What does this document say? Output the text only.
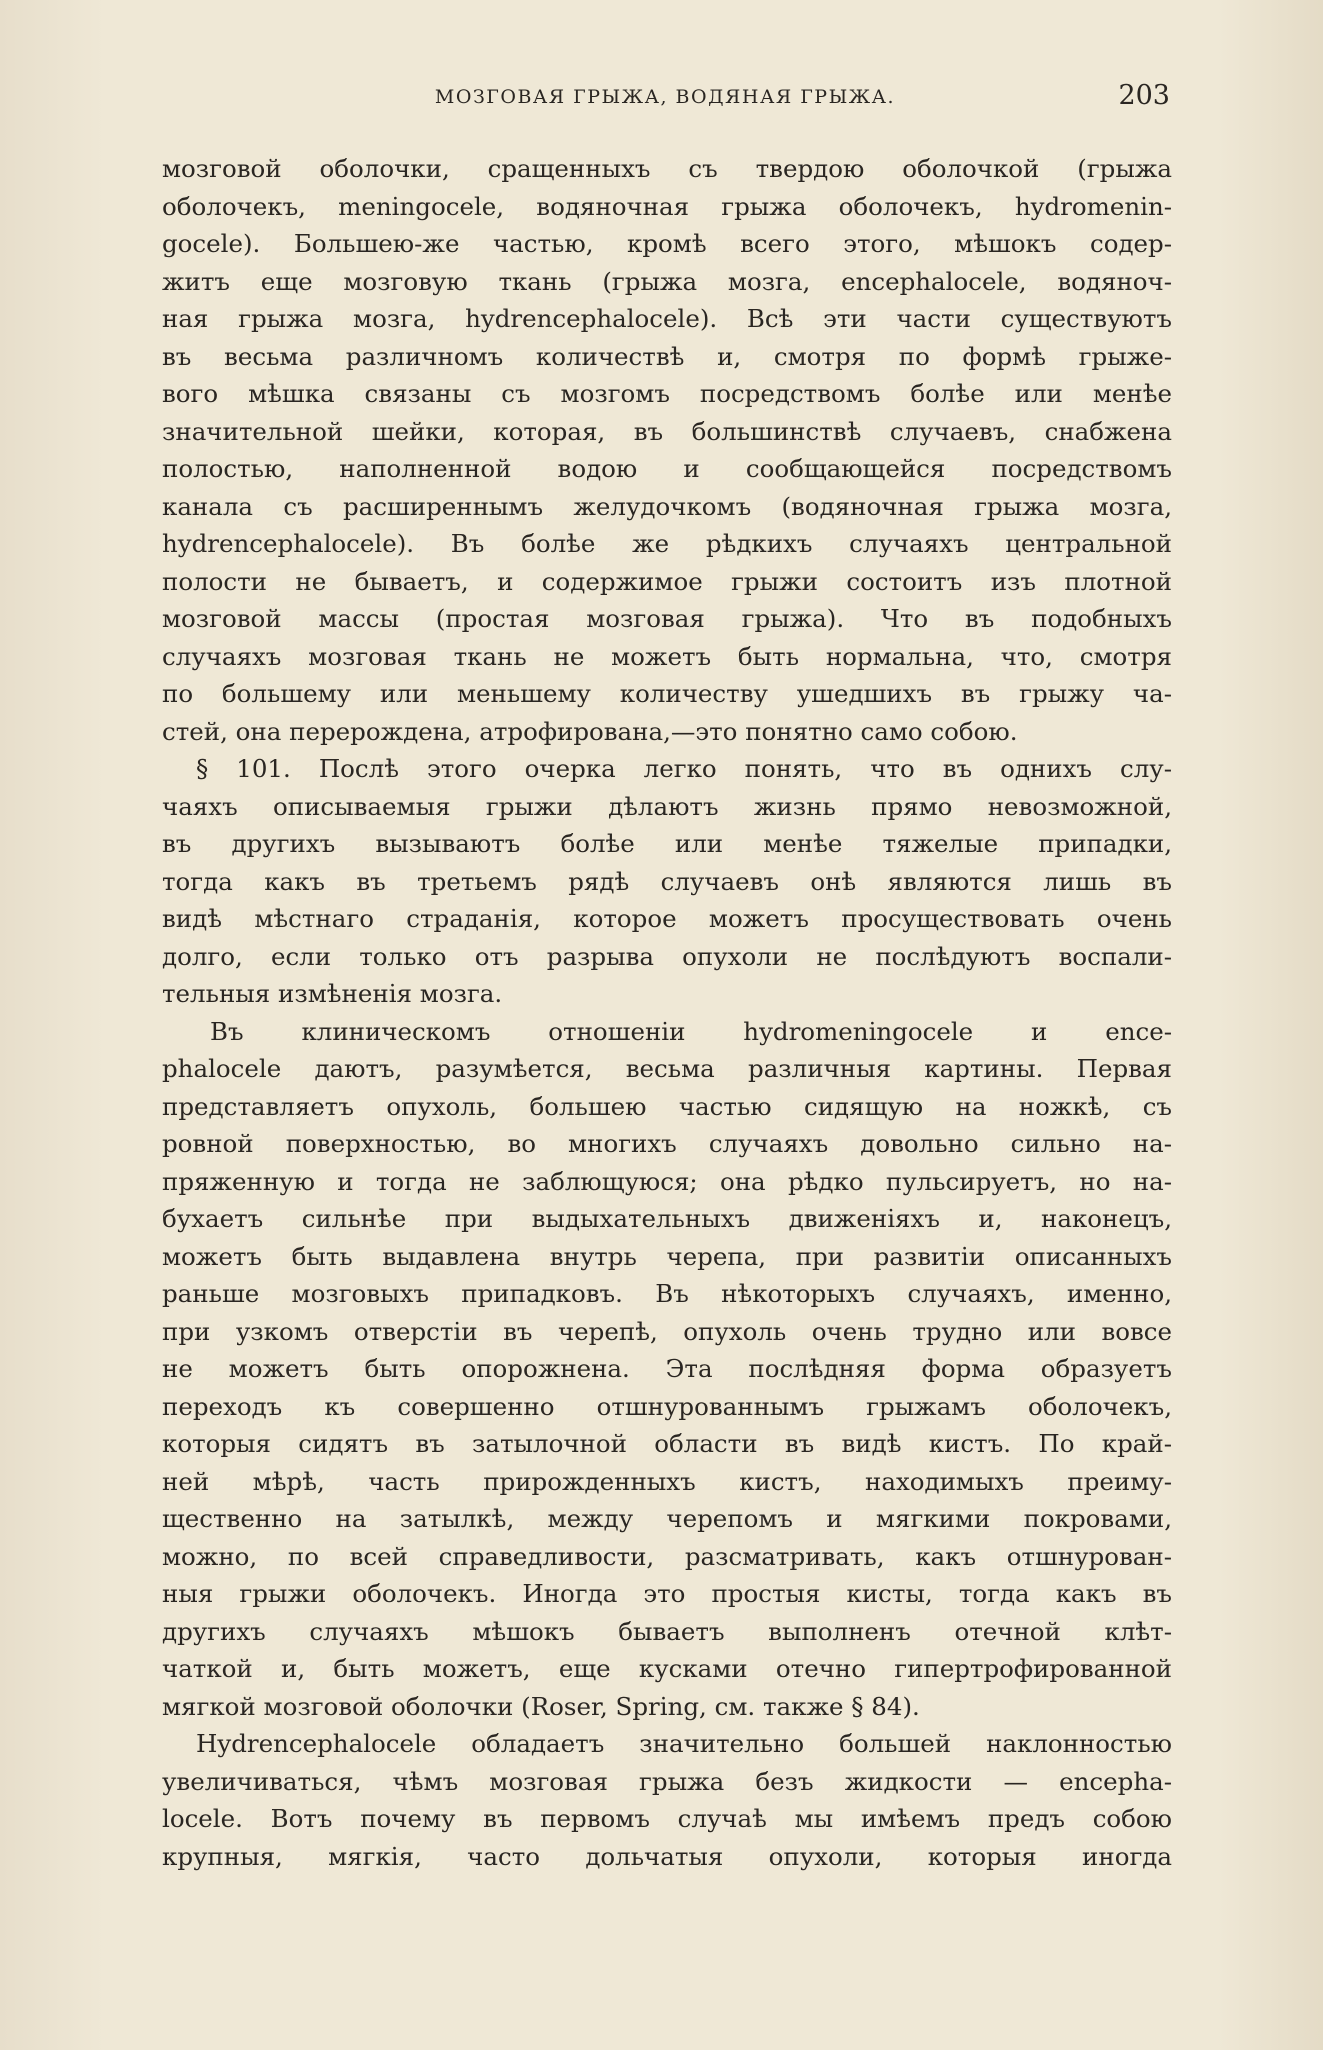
МОЗГОВАЯ ГРЫЖА, ВОДЯНАЯ ГРЫЖА.	203
мозговой оболочки, сращенныхъ съ твердою оболочкой (грыжа
оболочекъ, meningocele, водяночная грыжа оболочекъ, hydromenin-
gocele). Большею-же частью, кромѣ всего этого, мѣшокъ содер-
житъ еще мозговую ткань (грыжа мозга, encephalocele, водяноч-
ная грыжа мозга, hydrencephalocele). Всѣ эти части существуютъ
въ весьма различномъ количествѣ и, смотря по формѣ грыже-
вого мѣшка связаны съ мозгомъ посредствомъ болѣе или менѣе
значительной шейки, которая, въ большинствѣ случаевъ, снабжена
полостью, наполненной водою и сообщающейся посредствомъ
канала съ расширеннымъ желудочкомъ (водяночная грыжа мозга,
hydrencephalocele). Въ болѣе же рѣдкихъ случаяхъ центральной
полости не бываетъ, и содержимое грыжи состоитъ изъ плотной
мозговой массы (простая мозговая грыжа). Что въ подобныхъ
случаяхъ мозговая ткань не можетъ быть нормальна, что, смотря
по большему или меньшему количеству ушедшихъ въ грыжу ча-
стей, она перерождена, атрофирована,—это понятно само собою.
§ 101. Послѣ этого очерка легко понять, что въ однихъ слу-
чаяхъ описываемыя грыжи дѣлаютъ жизнь прямо невозможной,
въ другихъ вызываютъ болѣе или менѣе тяжелые припадки,
тогда какъ въ третьемъ рядѣ случаевъ онѣ являются лишь въ
видѣ мѣстнаго страданія, которое можетъ просуществовать очень
долго, если только отъ разрыва опухоли не послѣдуютъ воспали-
тельныя измѣненія мозга.
Въ клиническомъ отношеніи hydromeningocele и ence-
phalocele даютъ, разумѣется, весьма различныя картины. Первая
представляетъ опухоль, большею частью сидящую на ножкѣ, съ
ровной поверхностью, во многихъ случаяхъ довольно сильно на-
пряженную и тогда не заблющуюся; она рѣдко пульсируетъ, но на-
бухаетъ сильнѣе при выдыхательныхъ движеніяхъ и, наконецъ,
можетъ быть выдавлена внутрь черепа, при развитіи описанныхъ
раньше мозговыхъ припадковъ. Въ нѣкоторыхъ случаяхъ, именно,
при узкомъ отверстіи въ черепѣ, опухоль очень трудно или вовсе
не можетъ быть опорожнена. Эта послѣдняя форма образуетъ
переходъ къ совершенно отшнурованнымъ грыжамъ оболочекъ,
которыя сидятъ въ затылочной области въ видѣ кистъ. По край-
ней мѣрѣ, часть прирожденныхъ кистъ, находимыхъ преиму-
щественно на затылкѣ, между черепомъ и мягкими покровами,
можно, по всей справедливости, разсматривать, какъ отшнурован-
ныя грыжи оболочекъ. Иногда это простыя кисты, тогда какъ въ
другихъ случаяхъ мѣшокъ бываетъ выполненъ отечной клѣт-
чаткой и, быть можетъ, еще кусками отечно гипертрофированной
мягкой мозговой оболочки (Roser, Spring, см. также § 84).
Hydrencephalocele обладаетъ значительно большей наклонностью
увеличиваться, чѣмъ мозговая грыжа безъ жидкости — encepha-
locele. Вотъ почему въ первомъ случаѣ мы имѣемъ предъ собою
крупныя, мягкія, часто дольчатыя опухоли, которыя иногда
